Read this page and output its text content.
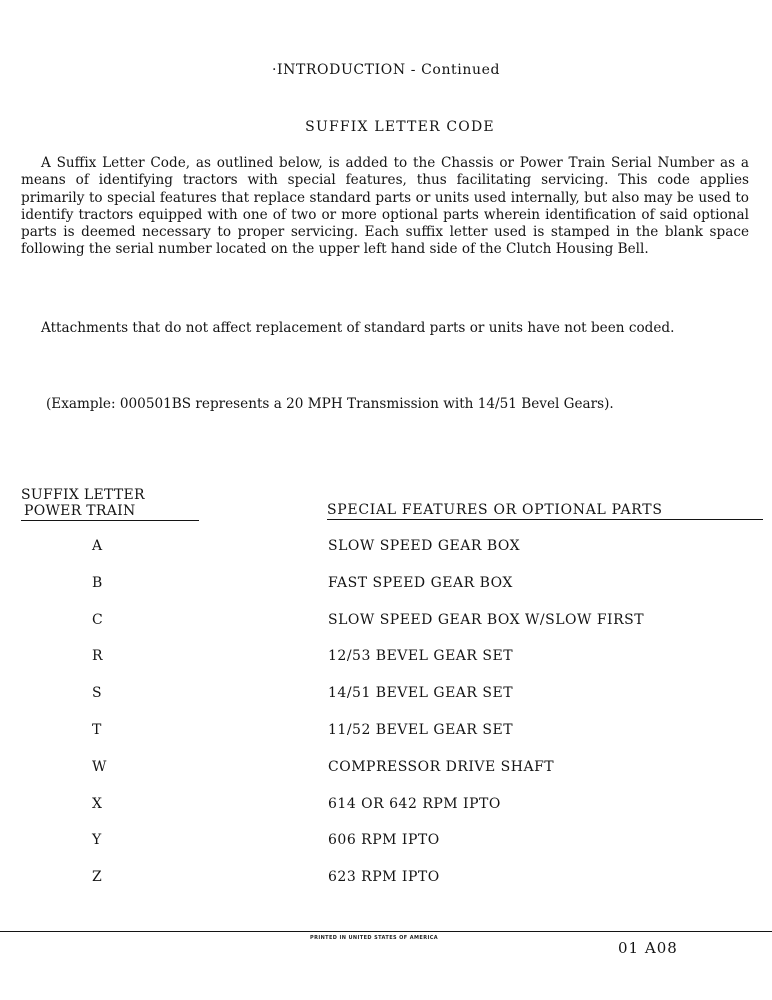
·INTRODUCTION - Continued
SUFFIX LETTER CODE
A Suffix Letter Code, as outlined below, is added to the Chassis or Power Train Serial Number as a means of identifying tractors with special features, thus facilitating servicing. This code applies primarily to special features that replace standard parts or units used internally, but also may be used to identify tractors equipped with one of two or more optional parts wherein identification of said optional parts is deemed necessary to proper servicing. Each suffix letter used is stamped in the blank space following the serial number located on the upper left hand side of the Clutch Housing Bell.
Attachments that do not affect replacement of standard parts or units have not been coded.
(Example: 000501BS represents a 20 MPH Transmission with 14/51 Bevel Gears).
SUFFIX LETTER
POWER TRAIN	SPECIAL FEATURES OR OPTIONAL PARTS
A	SLOW SPEED GEAR BOX
B	FAST SPEED GEAR BOX
C	SLOW SPEED GEAR BOX W/SLOW FIRST
R	12/53 BEVEL GEAR SET
S	14/51 BEVEL GEAR SET
T	11/52 BEVEL GEAR SET
W	COMPRESSOR DRIVE SHAFT
X	614 OR 642 RPM IPTO
Y	606 RPM IPTO
Z	623 RPM IPTO
PRINTED IN UNITED STATES OF AMERICA
01 A08
